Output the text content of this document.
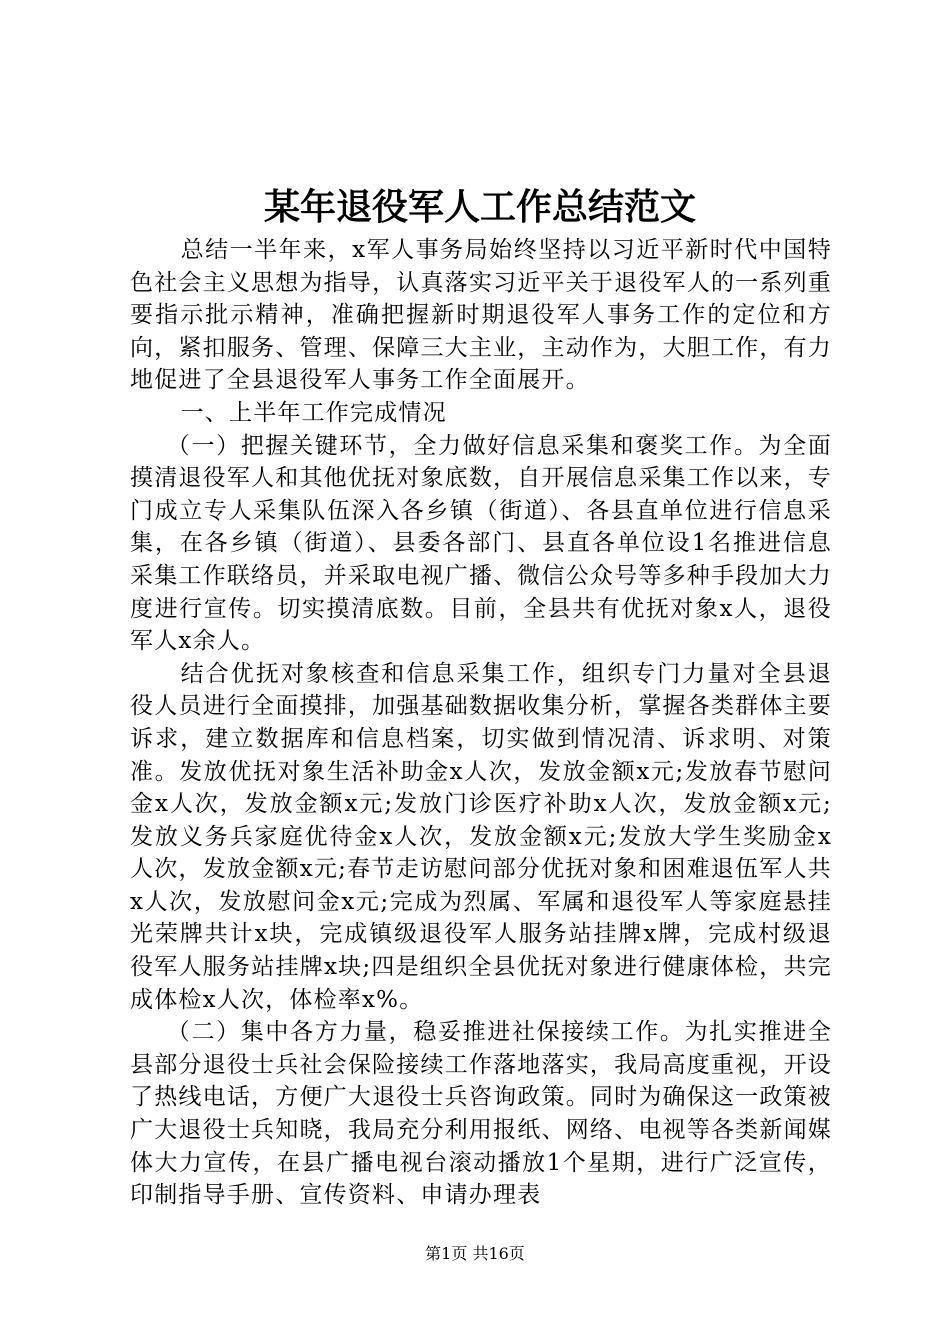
某年退役军人工作总结范文

总结一半年来，x军人事务局始终坚持以习近平新时代中国特色社会主义思想为指导，认真落实习近平关于退役军人的一系列重要指示批示精神，准确把握新时期退役军人事务工作的定位和方向，紧扣服务、管理、保障三大主业，主动作为，大胆工作，有力地促进了全县退役军人事务工作全面展开。

一、上半年工作完成情况

（一）把握关键环节，全力做好信息采集和褒奖工作。为全面摸清退役军人和其他优抚对象底数，自开展信息采集工作以来，专门成立专人采集队伍深入各乡镇（街道）、各县直单位进行信息采集，在各乡镇（街道）、县委各部门、县直各单位设1名推进信息采集工作联络员，并采取电视广播、微信公众号等多种手段加大力度进行宣传。切实摸清底数。目前，全县共有优抚对象x人，退役军人x余人。

结合优抚对象核查和信息采集工作，组织专门力量对全县退役人员进行全面摸排，加强基础数据收集分析，掌握各类群体主要诉求，建立数据库和信息档案，切实做到情况清、诉求明、对策准。发放优抚对象生活补助金x人次，发放金额x元;发放春节慰问金x人次，发放金额x元;发放门诊医疗补助x人次，发放金额x元;发放义务兵家庭优待金x人次，发放金额x元;发放大学生奖励金x人次，发放金额x元;春节走访慰问部分优抚对象和困难退伍军人共x人次，发放慰问金x元;完成为烈属、军属和退役军人等家庭悬挂光荣牌共计x块，完成镇级退役军人服务站挂牌x牌，完成村级退役军人服务站挂牌x块;四是组织全县优抚对象进行健康体检，共完成体检x人次，体检率x%。

（二）集中各方力量，稳妥推进社保接续工作。为扎实推进全县部分退役士兵社会保险接续工作落地落实，我局高度重视，开设了热线电话，方便广大退役士兵咨询政策。同时为确保这一政策被广大退役士兵知晓，我局充分利用报纸、网络、电视等各类新闻媒体大力宣传，在县广播电视台滚动播放1个星期，进行广泛宣传，印制指导手册、宣传资料、申请办理表

第1页 共16页
